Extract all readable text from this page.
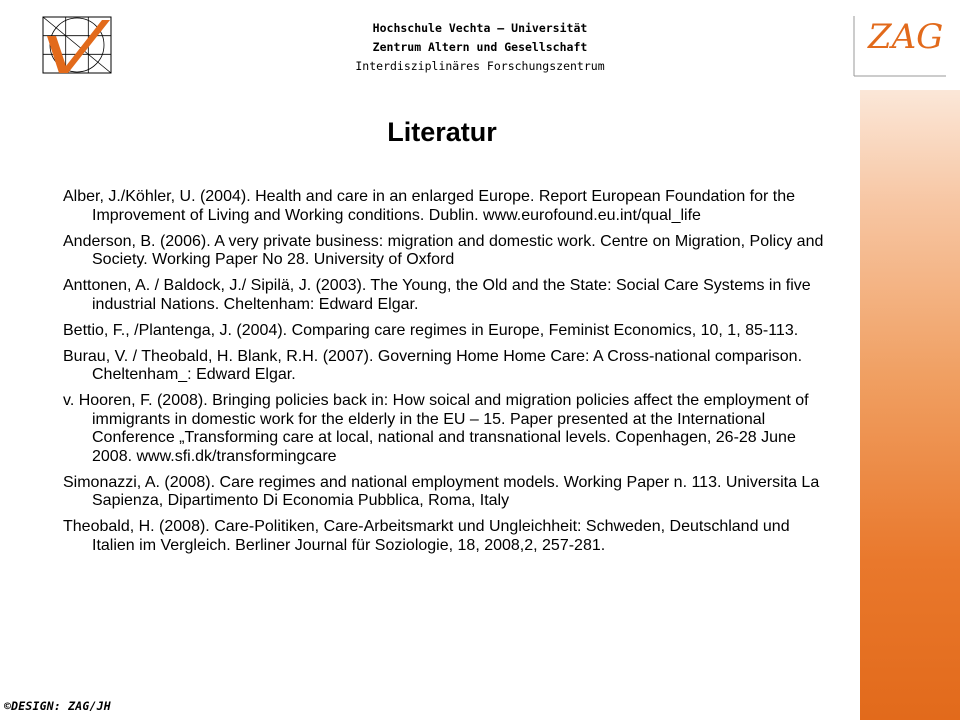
Hochschule Vechta – Universität
Zentrum Altern und Gesellschaft
Interdisziplinäres Forschungszentrum
ZAG
Literatur
Alber, J./Köhler, U. (2004). Health and care in an enlarged Europe. Report European Foundation for the Improvement of Living and Working conditions. Dublin. www.eurofound.eu.int/qual_life
Anderson, B. (2006). A very private business: migration and domestic work. Centre on Migration, Policy and Society. Working Paper No 28. University of Oxford
Anttonen, A. / Baldock, J./ Sipilä, J. (2003). The Young, the Old and the State: Social Care Systems in five industrial Nations. Cheltenham: Edward Elgar.
Bettio, F., /Plantenga, J. (2004). Comparing care regimes in Europe, Feminist Economics, 10, 1, 85-113.
Burau, V. / Theobald, H. Blank, R.H. (2007). Governing Home Home Care: A Cross-national comparison. Cheltenham_: Edward Elgar.
v. Hooren, F. (2008). Bringing policies back in: How soical and migration policies affect the employment of immigrants in domestic work for the elderly in the EU – 15. Paper presented at the International Conference „Transforming care at local, national and transnational levels. Copenhagen, 26-28 June 2008. www.sfi.dk/transformingcare
Simonazzi, A. (2008). Care regimes and national employment models. Working Paper n. 113. Universita La Sapienza, Dipartimento Di Economia Pubblica, Roma, Italy
Theobald, H. (2008). Care-Politiken, Care-Arbeitsmarkt und Ungleichheit: Schweden, Deutschland und Italien im Vergleich. Berliner Journal für Soziologie, 18, 2008,2, 257-281.
©DESIGN: ZAG/JH
